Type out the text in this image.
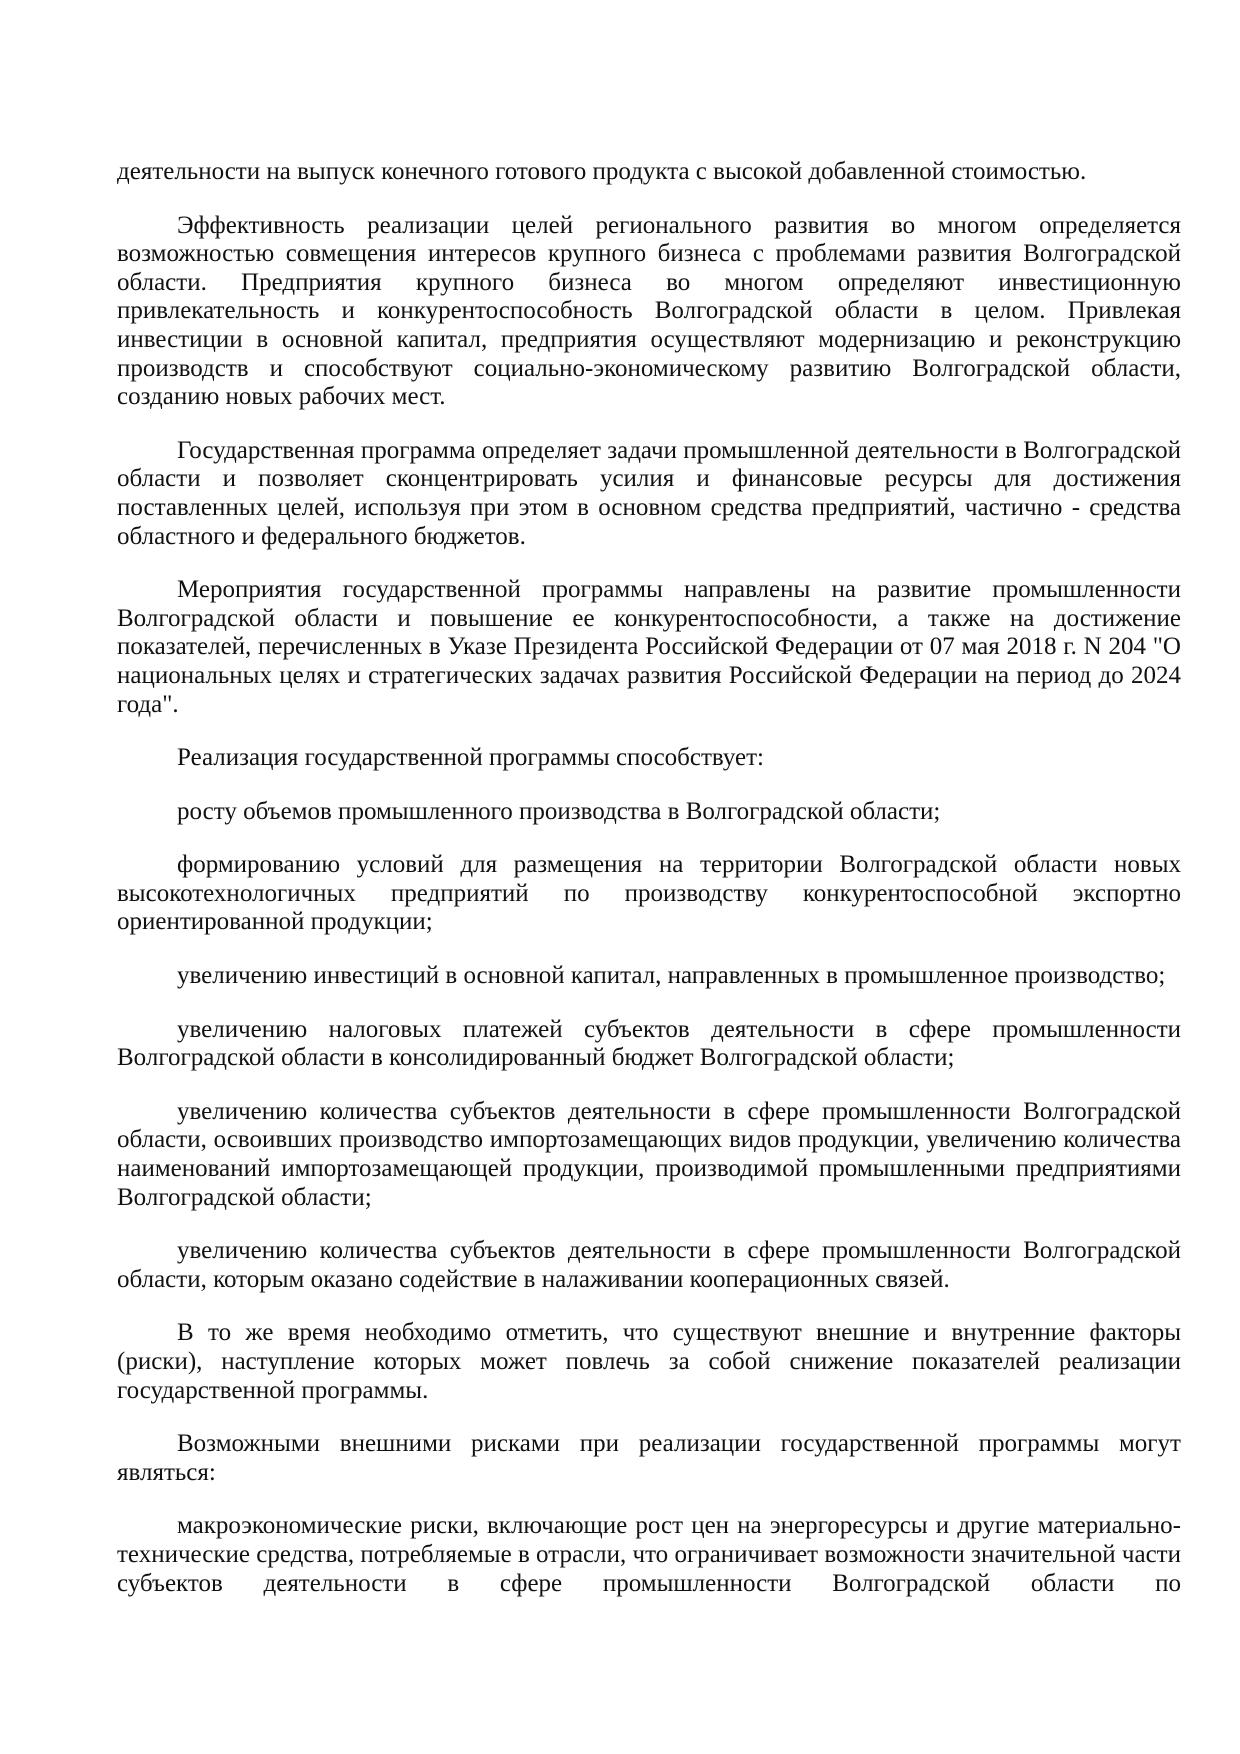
деятельности на выпуск конечного готового продукта с высокой добавленной стоимостью.

Эффективность реализации целей регионального развития во многом определяется возможностью совмещения интересов крупного бизнеса с проблемами развития Волгоградской области. Предприятия крупного бизнеса во многом определяют инвестиционную привлекательность и конкурентоспособность Волгоградской области в целом. Привлекая инвестиции в основной капитал, предприятия осуществляют модернизацию и реконструкцию производств и способствуют социально-экономическому развитию Волгоградской области, созданию новых рабочих мест.

Государственная программа определяет задачи промышленной деятельности в Волгоградской области и позволяет сконцентрировать усилия и финансовые ресурсы для достижения поставленных целей, используя при этом в основном средства предприятий, частично - средства областного и федерального бюджетов.

Мероприятия государственной программы направлены на развитие промышленности Волгоградской области и повышение ее конкурентоспособности, а также на достижение показателей, перечисленных в Указе Президента Российской Федерации от 07 мая 2018 г. N 204 "О национальных целях и стратегических задачах развития Российской Федерации на период до 2024 года".

Реализация государственной программы способствует:

росту объемов промышленного производства в Волгоградской области;

формированию условий для размещения на территории Волгоградской области новых высокотехнологичных предприятий по производству конкурентоспособной экспортно ориентированной продукции;

увеличению инвестиций в основной капитал, направленных в промышленное производство;

увеличению налоговых платежей субъектов деятельности в сфере промышленности Волгоградской области в консолидированный бюджет Волгоградской области;

увеличению количества субъектов деятельности в сфере промышленности Волгоградской области, освоивших производство импортозамещающих видов продукции, увеличению количества наименований импортозамещающей продукции, производимой промышленными предприятиями Волгоградской области;

увеличению количества субъектов деятельности в сфере промышленности Волгоградской области, которым оказано содействие в налаживании кооперационных связей.

В то же время необходимо отметить, что существуют внешние и внутренние факторы (риски), наступление которых может повлечь за собой снижение показателей реализации государственной программы.

Возможными внешними рисками при реализации государственной программы могут являться:

макроэкономические риски, включающие рост цен на энергоресурсы и другие материально-технические средства, потребляемые в отрасли, что ограничивает возможности значительной части субъектов деятельности в сфере промышленности Волгоградской области по
